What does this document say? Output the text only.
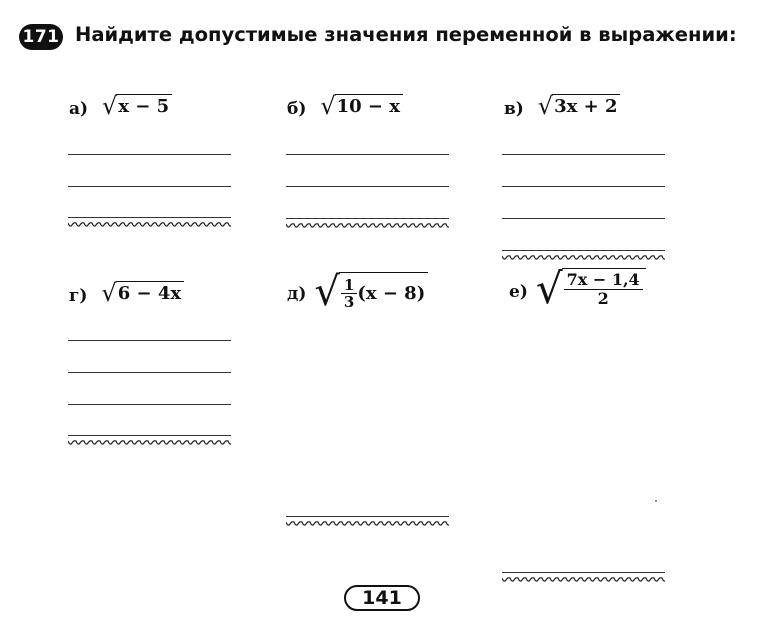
171 Найдите допустимые значения переменной в выражении:
а) √ x − 5	б) √ 10 − x	в) √ 3x + 2
г) √ 6 − 4x	д) √ $\frac{1}{3} (x - 8)$	е) √ $\frac{7x - 1,4}{2}$
141
